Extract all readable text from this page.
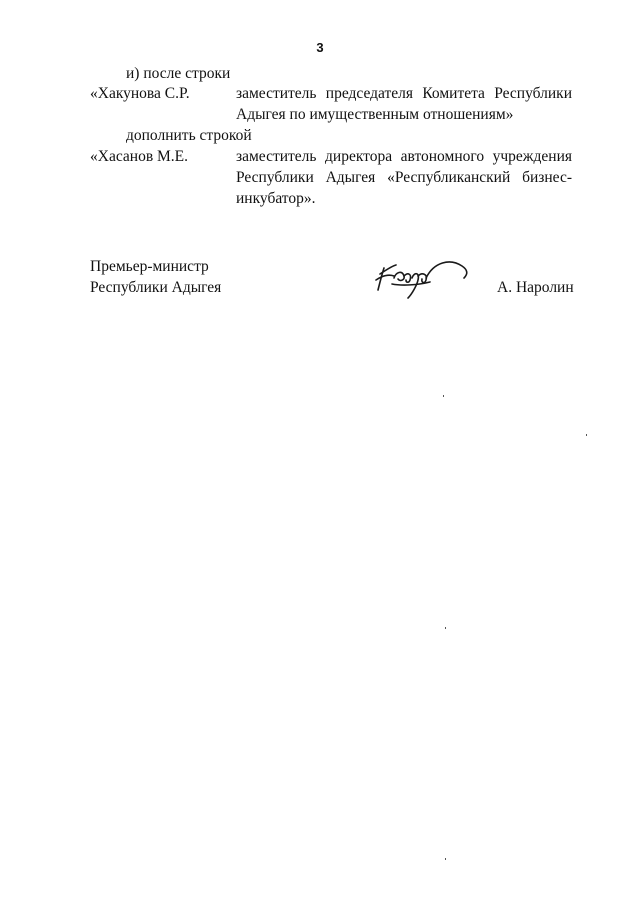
3
и) после строки
«Хакунова С.Р.	заместитель председателя Комитета Республики
Адыгея по имущественным отношениям»
дополнить строкой
«Хасанов М.Е.	заместитель директора автономного учреждения
Республики Адыгея «Республиканский бизнес-
инкубатор».
Премьер-министр
Республики Адыгея	А. Наролин
